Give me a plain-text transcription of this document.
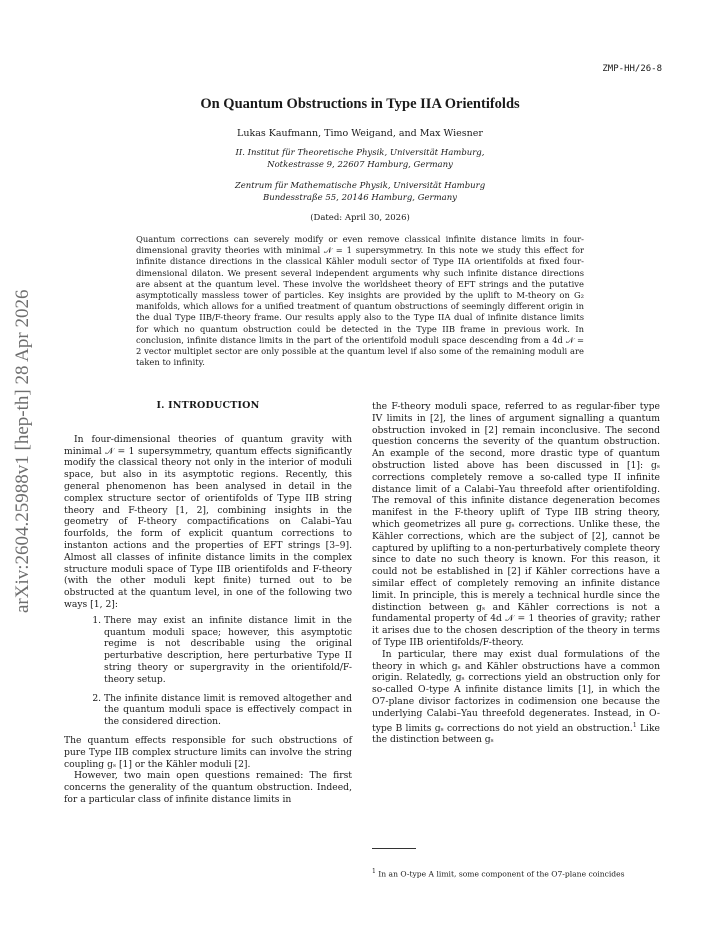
ZMP-HH/26-8
arXiv:2604.25988v1 [hep-th] 28 Apr 2026
On Quantum Obstructions in Type IIA Orientifolds
Lukas Kaufmann, Timo Weigand, and Max Wiesner
II. Institut für Theoretische Physik, Universität Hamburg,
Notkestrasse 9, 22607 Hamburg, Germany
Zentrum für Mathematische Physik, Universität Hamburg
Bundesstraße 55, 20146 Hamburg, Germany
(Dated: April 30, 2026)
Quantum corrections can severely modify or even remove classical infinite distance limits in four-dimensional gravity theories with minimal 𝒩 = 1 supersymmetry. In this note we study this effect for infinite distance directions in the classical Kähler moduli sector of Type IIA orientifolds at fixed four-dimensional dilaton. We present several independent arguments why such infinite distance directions are absent at the quantum level. These involve the worldsheet theory of EFT strings and the putative asymptotically massless tower of particles. Key insights are provided by the uplift to M-theory on G₂ manifolds, which allows for a unified treatment of quantum obstructions of seemingly different origin in the dual Type IIB/F-theory frame. Our results apply also to the Type IIA dual of infinite distance limits for which no quantum obstruction could be detected in the Type IIB frame in previous work. In conclusion, infinite distance limits in the part of the orientifold moduli space descending from a 4d 𝒩 = 2 vector multiplet sector are only possible at the quantum level if also some of the remaining moduli are taken to infinity.
I. INTRODUCTION

In four-dimensional theories of quantum gravity with minimal 𝒩 = 1 supersymmetry, quantum effects significantly modify the classical theory not only in the interior of moduli space, but also in its asymptotic regions. Recently, this general phenomenon has been analysed in detail in the complex structure sector of orientifolds of Type IIB string theory and F-theory [1, 2], combining insights in the geometry of F-theory compactifications on Calabi–Yau fourfolds, the form of explicit quantum corrections to instanton actions and the properties of EFT strings [3–9]. Almost all classes of infinite distance limits in the complex structure moduli space of Type IIB orientifolds and F-theory (with the other moduli kept finite) turned out to be obstructed at the quantum level, in one of the following two ways [1, 2]:

1. There may exist an infinite distance limit in the quantum moduli space; however, this asymptotic regime is not describable using the original perturbative description, here perturbative Type II string theory or supergravity in the orientifold/F-theory setup.
2. The infinite distance limit is removed altogether and the quantum moduli space is effectively compact in the considered direction.

The quantum effects responsible for such obstructions of pure Type IIB complex structure limits can involve the string coupling gₛ [1] or the Kähler moduli [2].

However, two main open questions remained: The first concerns the generality of the quantum obstruction. Indeed, for a particular class of infinite distance limits in

the F-theory moduli space, referred to as regular-fiber type IV limits in [2], the lines of argument signalling a quantum obstruction invoked in [2] remain inconclusive. The second question concerns the severity of the quantum obstruction. An example of the second, more drastic type of quantum obstruction listed above has been discussed in [1]: gₛ corrections completely remove a so-called type II infinite distance limit of a Calabi–Yau threefold after orientifolding. The removal of this infinite distance degeneration becomes manifest in the F-theory uplift of Type IIB string theory, which geometrizes all pure gₛ corrections. Unlike these, the Kähler corrections, which are the subject of [2], cannot be captured by uplifting to a non-perturbatively complete theory since to date no such theory is known. For this reason, it could not be established in [2] if Kähler corrections have a similar effect of completely removing an infinite distance limit. In principle, this is merely a technical hurdle since the distinction between gₛ and Kähler corrections is not a fundamental property of 4d 𝒩 = 1 theories of gravity; rather it arises due to the chosen description of the theory in terms of Type IIB orientifolds/F-theory.

In particular, there may exist dual formulations of the theory in which gₛ and Kähler obstructions have a common origin. Relatedly, gₛ corrections yield an obstruction only for so-called O-type A infinite distance limits [1], in which the O7-plane divisor factorizes in codimension one because the underlying Calabi–Yau threefold degenerates. Instead, in O-type B limits gₛ corrections do not yield an obstruction.$^1$ Like the distinction between gₛ

$^1$ In an O-type A limit, some component of the O7-plane coincides
